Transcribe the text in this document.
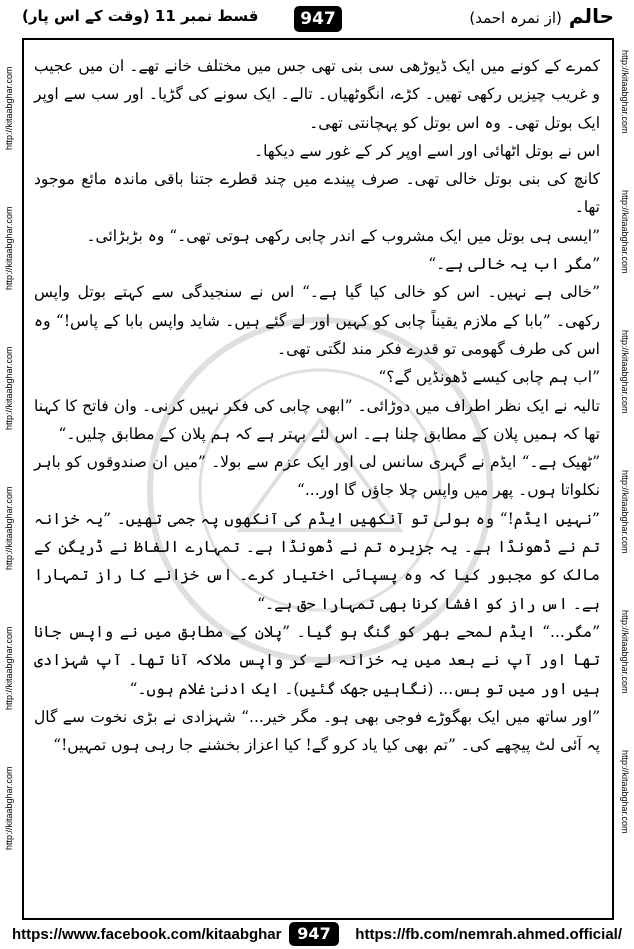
http://kitaabghar.com
http://kitaabghar.com
http://kitaabghar.com
http://kitaabghar.com
http://kitaabghar.com
http://kitaabghar.com
http://kitaabghar.com
http://kitaabghar.com
http://kitaabghar.com
http://kitaabghar.com
http://kitaabghar.com
http://kitaabghar.com
قسط نمبر 11 (وقت کے اس پار)	947	حالم (از نمرہ احمد)

کمرے کے کونے میں ایک ڈیوڑھی سی بنی تھی جس میں مختلف خانے تھے۔ ان میں عجیب و غریب چیزیں رکھی تھیں۔ کڑے، انگوٹھیاں۔ تالے۔ ایک سونے کی گڑیا۔ اور سب سے اوپر ایک بوتل تھی۔ وہ اس بوتل کو پہچانتی تھی۔

اس نے بوتل اٹھائی اور اسے اوپر کر کے غور سے دیکھا۔

کانچ کی بنی بوتل خالی تھی۔ صرف پیندے میں چند قطرے جتنا باقی ماندہ مائع موجود تھا۔

”ایسی ہی بوتل میں ایک مشروب کے اندر چابی رکھی ہوتی تھی۔“ وہ بڑبڑائی۔

”مگر اب یہ خالی ہے۔“

”خالی ہے نہیں۔ اس کو خالی کیا گیا ہے۔“ اس نے سنجیدگی سے کہتے بوتل واپس رکھی۔ ”بابا کے ملازم یقیناً چابی کو کہیں اور لے گئے ہیں۔ شاید واپس بابا کے پاس!“ وہ اس کی طرف گھومی تو قدرے فکر مند لگتی تھی۔

”اب ہم چابی کیسے ڈھونڈیں گے؟“

تالیہ نے ایک نظر اطراف میں دوڑائی۔ ”ابھی چابی کی فکر نہیں کرنی۔ وان فاتح کا کہنا تھا کہ ہمیں پلان کے مطابق چلنا ہے۔ اس لئے بہتر ہے کہ ہم پلان کے مطابق چلیں۔“

”ٹھیک ہے۔“ ایڈم نے گہری سانس لی اور ایک عزم سے بولا۔ ”میں ان صندوقوں کو باہر نکلواتا ہوں۔ پھر میں واپس چلا جاؤں گا اور...“

”نہیں ایڈم!“ وہ بولی تو آنکھیں ایڈم کی آنکھوں پہ جمی تھیں۔ ”یہ خزانہ تم نے ڈھونڈا ہے۔ یہ جزیرہ تم نے ڈھونڈا ہے۔ تمہارے الفاظ نے ڈریگن کے مالک کو مجبور کیا کہ وہ پسپائی اختیار کرے۔ اس خزانے کا راز تمہارا ہے۔ اس راز کو افشا کرنا بھی تمہارا حق ہے۔“

”مگر...“ ایڈم لمحے بھر کو گنگ ہو گیا۔ ”پلان کے مطابق میں نے واپس جانا تھا اور آپ نے بعد میں یہ خزانہ لے کر واپس ملاکہ آنا تھا۔ آپ شہزادی ہیں اور میں تو بس... (نگاہیں جھک گئیں)۔ ایک ادنیٰ غلام ہوں۔“

”اور ساتھ میں ایک بھگوڑے فوجی بھی ہو۔ مگر خیر...“ شہزادی نے بڑی نخوت سے گال پہ آئی لٹ پیچھے کی۔ ”تم بھی کیا یاد کرو گے! کیا اعزاز بخشنے جا رہی ہوں تمہیں!“

https://www.facebook.com/kitaabghar 947	https://fb.com/nemrah.ahmed.official/
